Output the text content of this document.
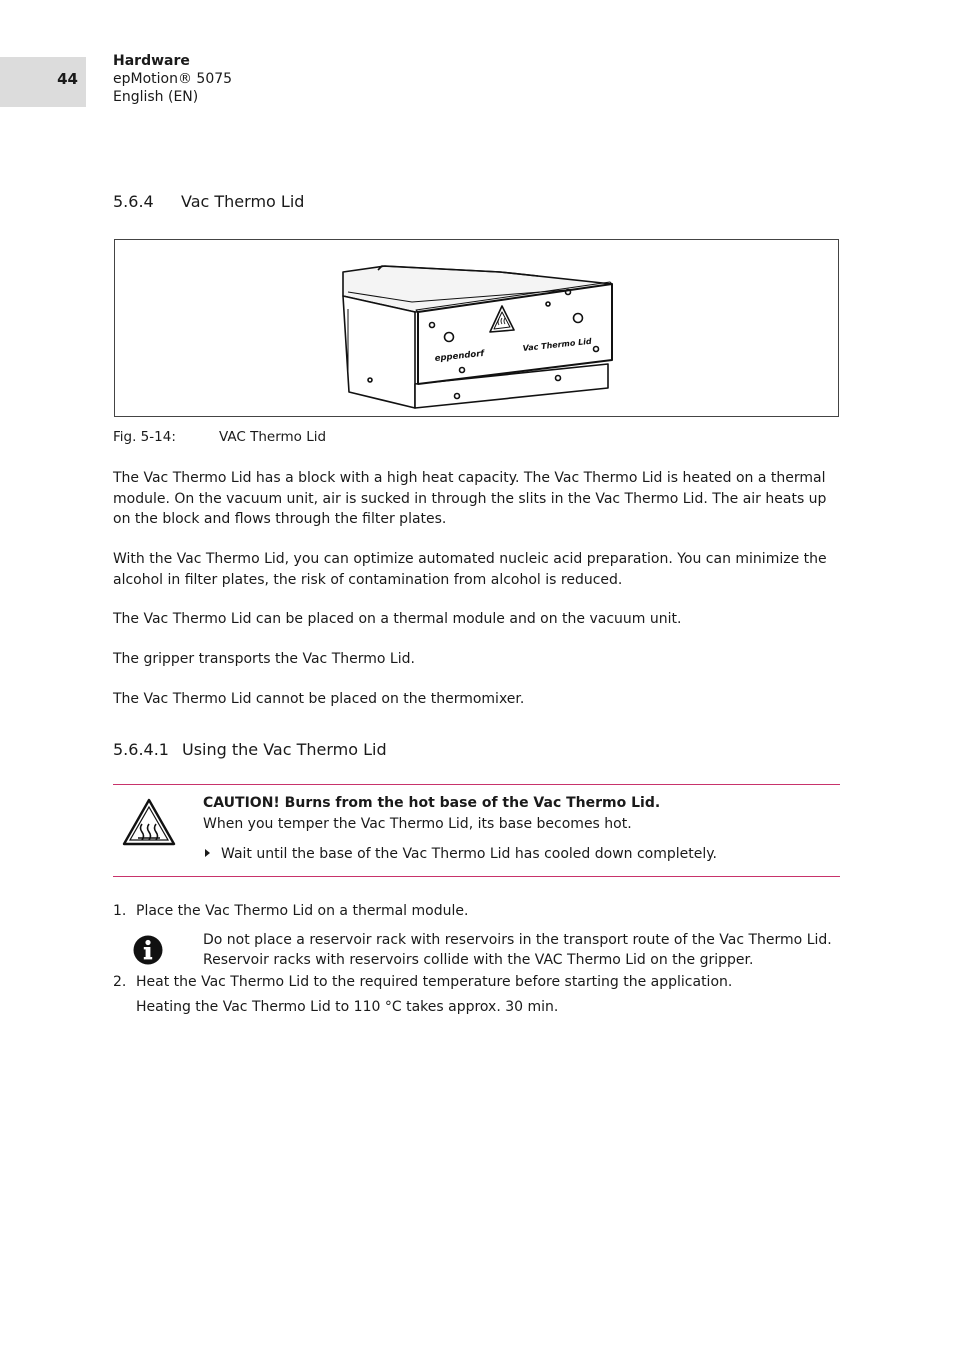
44
Hardware
epMotion® 5075
English (EN)
5.6.4 Vac Thermo Lid
eppendorf
Vac Thermo Lid
Fig. 5-14:	VAC Thermo Lid

The Vac Thermo Lid has a block with a high heat capacity. The Vac Thermo Lid is heated on a thermal module. On the vacuum unit, air is sucked in through the slits in the Vac Thermo Lid. The air heats up on the block and flows through the filter plates.

With the Vac Thermo Lid, you can optimize automated nucleic acid preparation. You can minimize the alcohol in filter plates, the risk of contamination from alcohol is reduced.

The Vac Thermo Lid can be placed on a thermal module and on the vacuum unit.

The gripper transports the Vac Thermo Lid.

The Vac Thermo Lid cannot be placed on the thermomixer.

5.6.4.1 Using the Vac Thermo Lid
CAUTION! Burns from the hot base of the Vac Thermo Lid.
When you temper the Vac Thermo Lid, its base becomes hot.
Wait until the base of the Vac Thermo Lid has cooled down completely.
1. Place the Vac Thermo Lid on a thermal module.
Do not place a reservoir rack with reservoirs in the transport route of the Vac Thermo Lid. Reservoir racks with reservoirs collide with the VAC Thermo Lid on the gripper.
2. Heat the Vac Thermo Lid to the required temperature before starting the application.
Heating the Vac Thermo Lid to 110 °C takes approx. 30 min.
